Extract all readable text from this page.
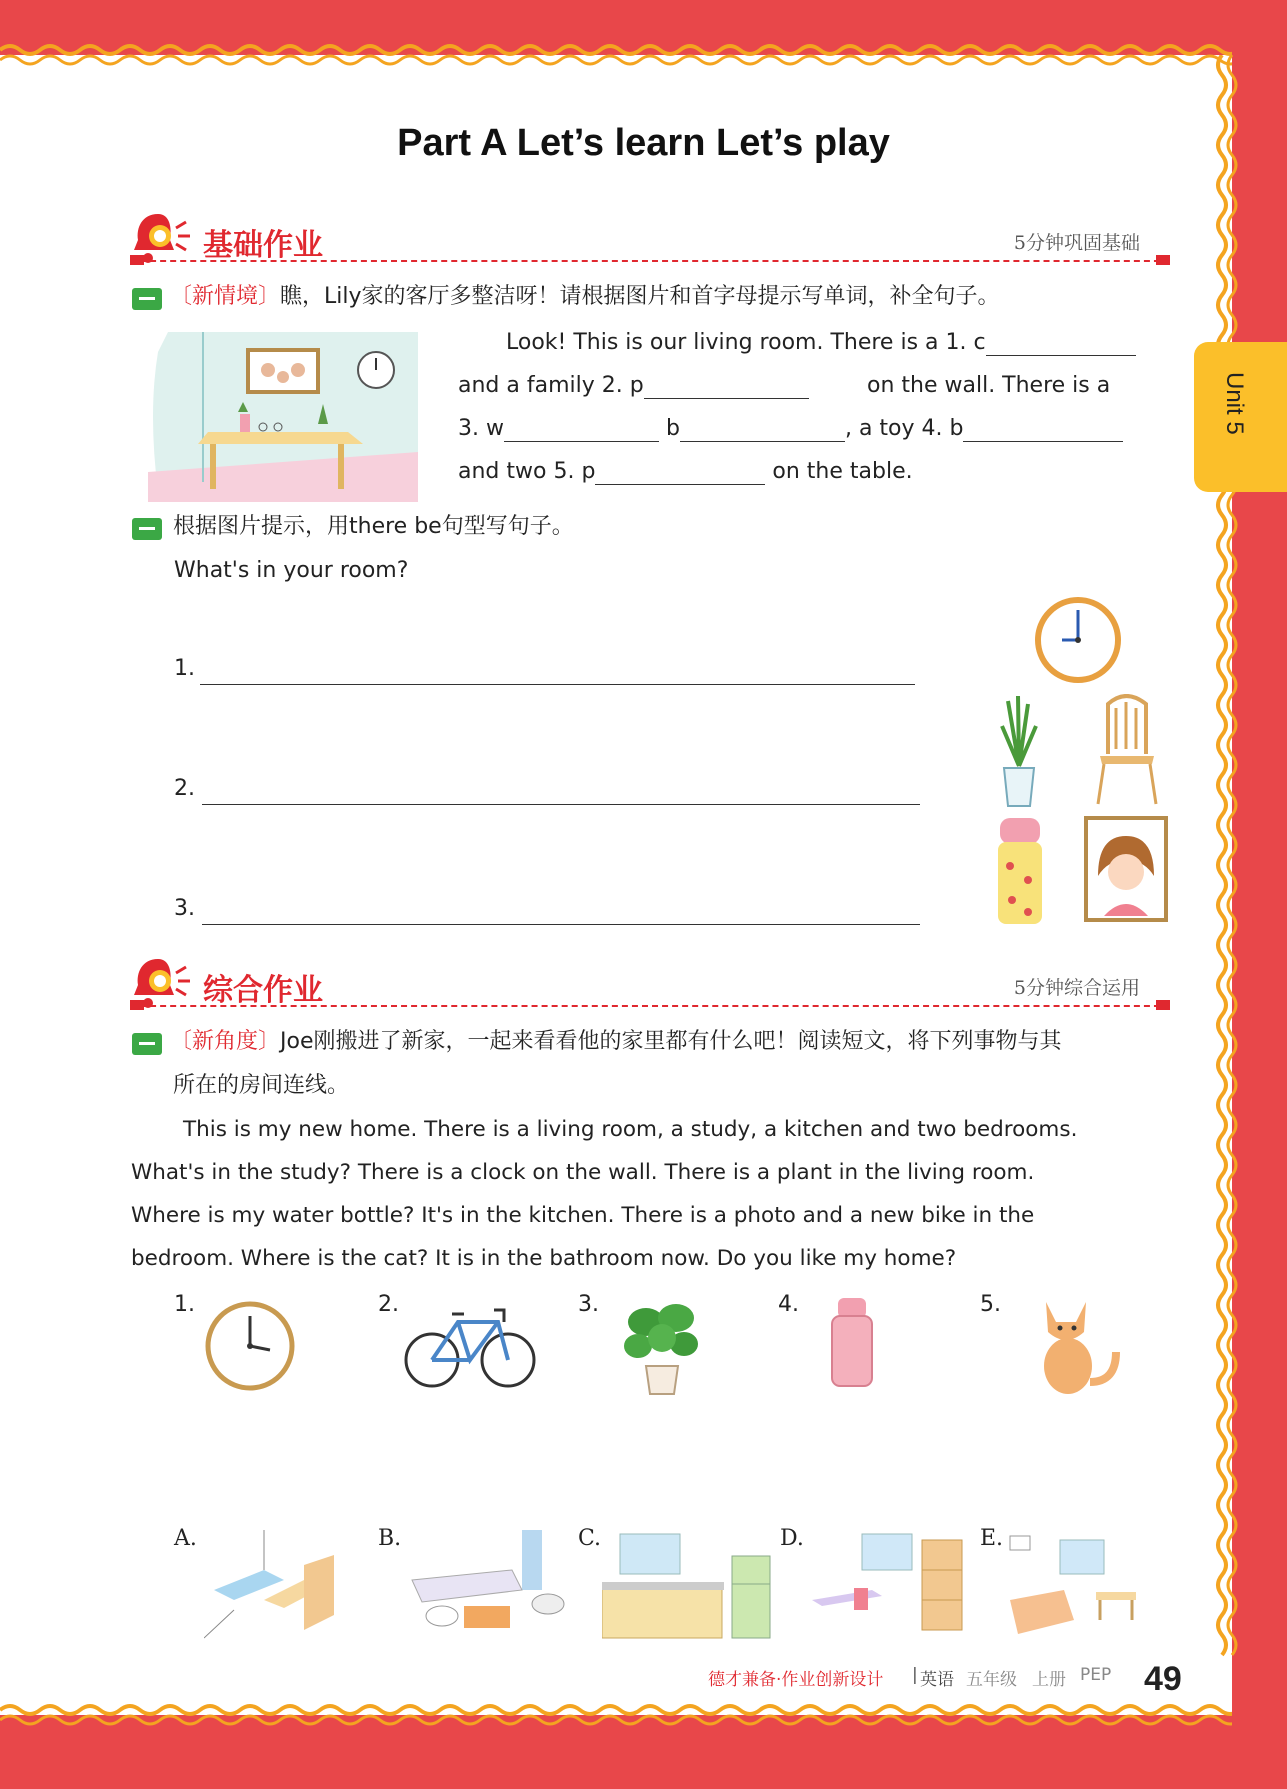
Unit 5
Part A Let’s learn Let’s play
基础作业	5分钟巩固基础
〔新情境〕瞧，Lily家的客厅多整洁呀！请根据图片和首字母提示写单词，补全句子。
Look! This is our living room. There is a 1. c
and a family 2. p	on the wall. There is a
3. w	b	, a toy 4. b
and two 5. p	on the table.
根据图片提示，用there be句型写句子。
What's in your room?
1.
2.
3.
综合作业	5分钟综合运用
〔新角度〕Joe刚搬进了新家，一起来看看他的家里都有什么吧！阅读短文，将下列事物与其
所在的房间连线。
This is my new home. There is a living room, a study, a kitchen and two bedrooms.
What's in the study? There is a clock on the wall. There is a plant in the living room.
Where is my water bottle? It's in the kitchen. There is a photo and a new bike in the
bedroom. Where is the cat? It is in the bathroom now. Do you like my home?
1.	2.	3.	4.	5.
A.	B.	C.	D.	E.
德才兼备·作业创新设计 | 英语 五年级 上册 PEP 49
